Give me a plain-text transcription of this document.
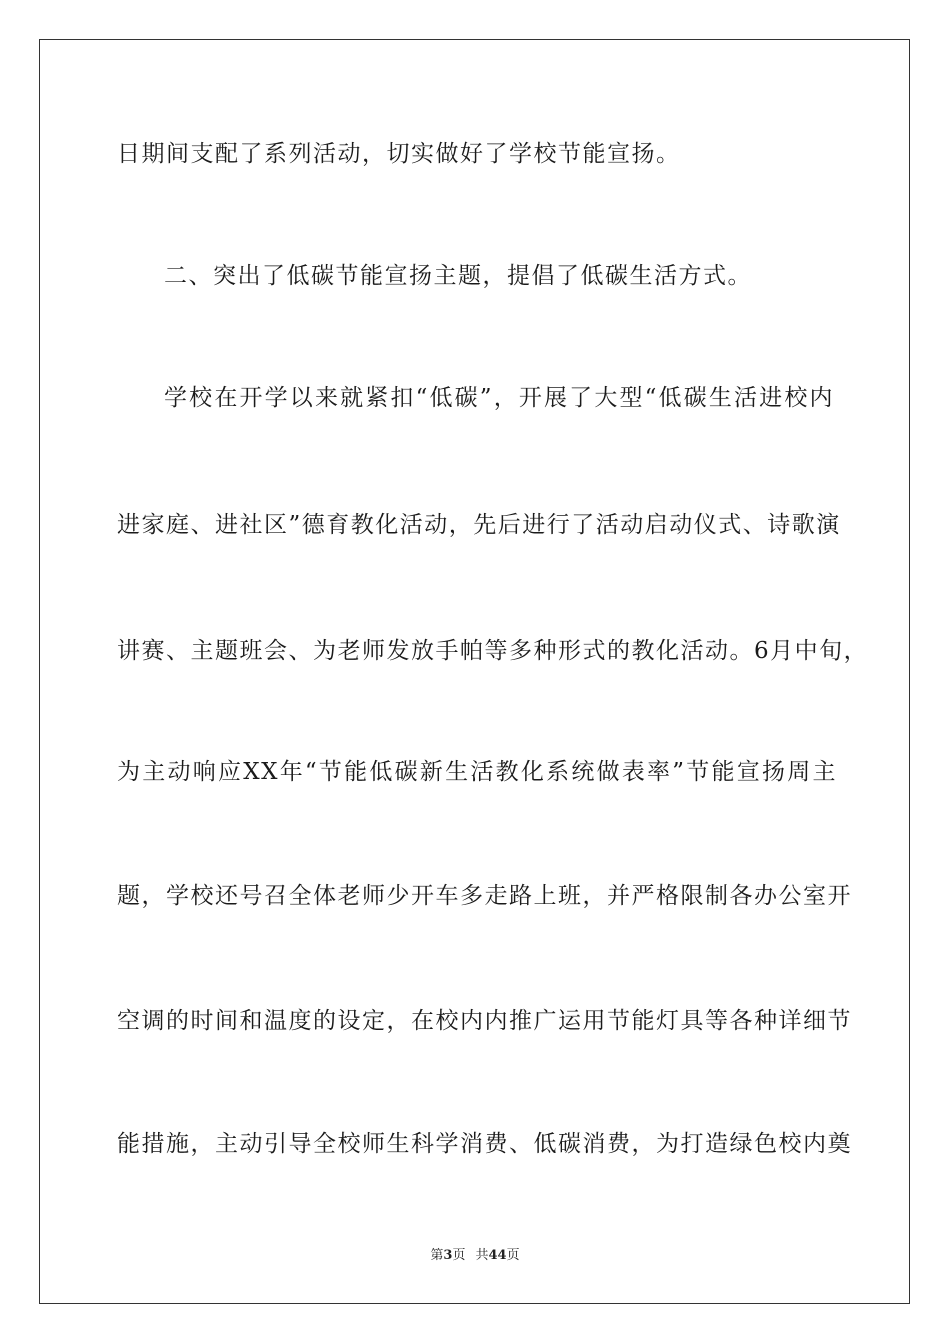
日期间支配了系列活动，切实做好了学校节能宣扬。
二、突出了低碳节能宣扬主题，提倡了低碳生活方式。
学校在开学以来就紧扣“低碳”，开展了大型“低碳生活进校内
进家庭、进社区”德育教化活动，先后进行了活动启动仪式、诗歌演
讲赛、主题班会、为老师发放手帕等多种形式的教化活动。6月中旬，
为主动响应XX年“节能低碳新生活教化系统做表率”节能宣扬周主
题，学校还号召全体老师少开车多走路上班，并严格限制各办公室开
空调的时间和温度的设定，在校内内推广运用节能灯具等各种详细节
能措施，主动引导全校师生科学消费、低碳消费，为打造绿色校内奠
第3页 共44页
